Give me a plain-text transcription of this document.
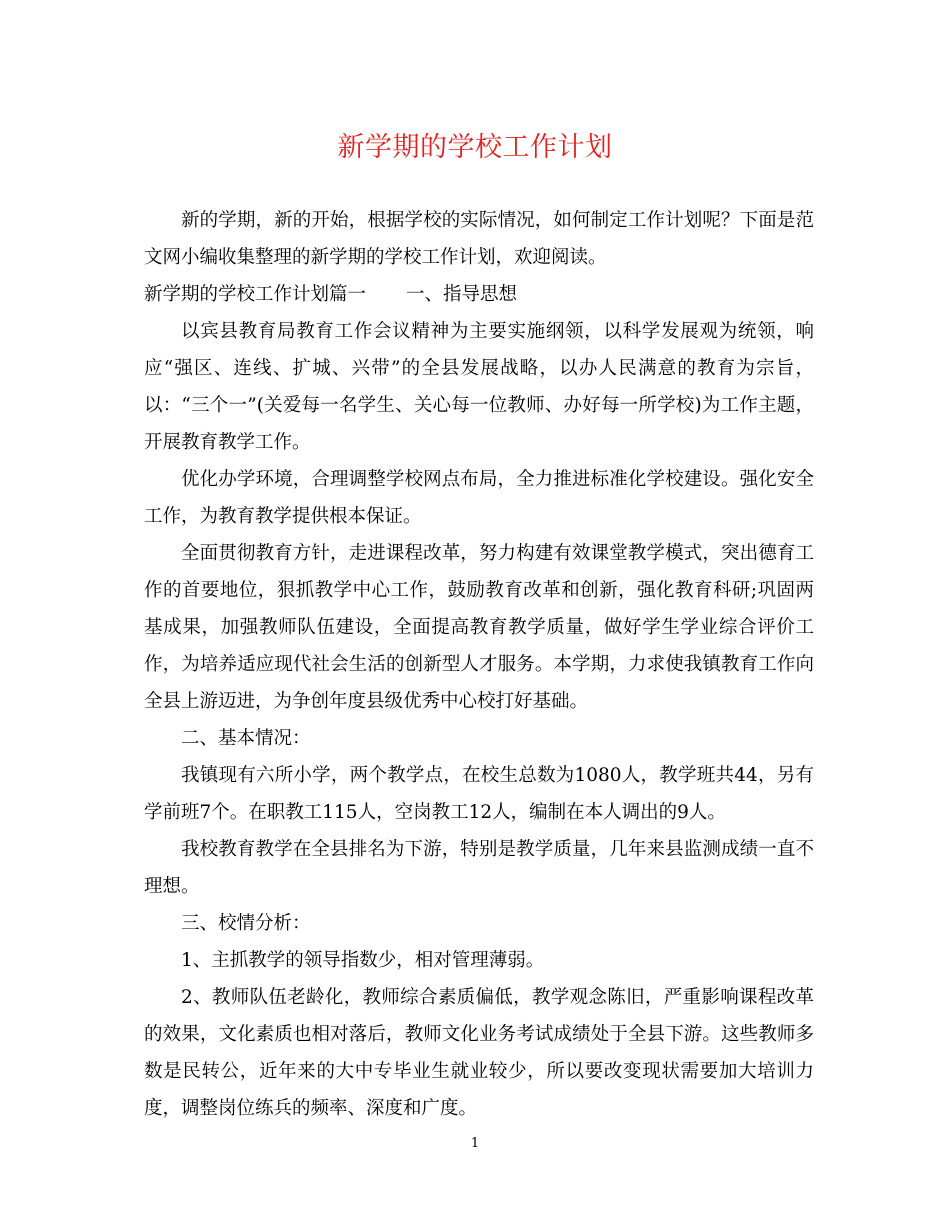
新学期的学校工作计划

新的学期，新的开始，根据学校的实际情况，如何制定工作计划呢？下面是范文网小编收集整理的新学期的学校工作计划，欢迎阅读。

新学期的学校工作计划篇一 一、指导思想

以宾县教育局教育工作会议精神为主要实施纲领，以科学发展观为统领，响应“强区、连线、扩城、兴带”的全县发展战略，以办人民满意的教育为宗旨，以：“三个一”(关爱每一名学生、关心每一位教师、办好每一所学校)为工作主题，开展教育教学工作。

优化办学环境，合理调整学校网点布局，全力推进标准化学校建设。强化安全工作，为教育教学提供根本保证。

全面贯彻教育方针，走进课程改革，努力构建有效课堂教学模式，突出德育工作的首要地位，狠抓教学中心工作，鼓励教育改革和创新，强化教育科研;巩固两基成果，加强教师队伍建设，全面提高教育教学质量，做好学生学业综合评价工作，为培养适应现代社会生活的创新型人才服务。本学期，力求使我镇教育工作向全县上游迈进，为争创年度县级优秀中心校打好基础。

二、基本情况：

我镇现有六所小学，两个教学点，在校生总数为1080人，教学班共44，另有学前班7个。在职教工115人，空岗教工12人，编制在本人调出的9人。

我校教育教学在全县排名为下游，特别是教学质量，几年来县监测成绩一直不理想。

三、校情分析：

1、主抓教学的领导指数少，相对管理薄弱。

2、教师队伍老龄化，教师综合素质偏低，教学观念陈旧，严重影响课程改革的效果，文化素质也相对落后，教师文化业务考试成绩处于全县下游。这些教师多数是民转公，近年来的大中专毕业生就业较少，所以要改变现状需要加大培训力度，调整岗位练兵的频率、深度和广度。

1
